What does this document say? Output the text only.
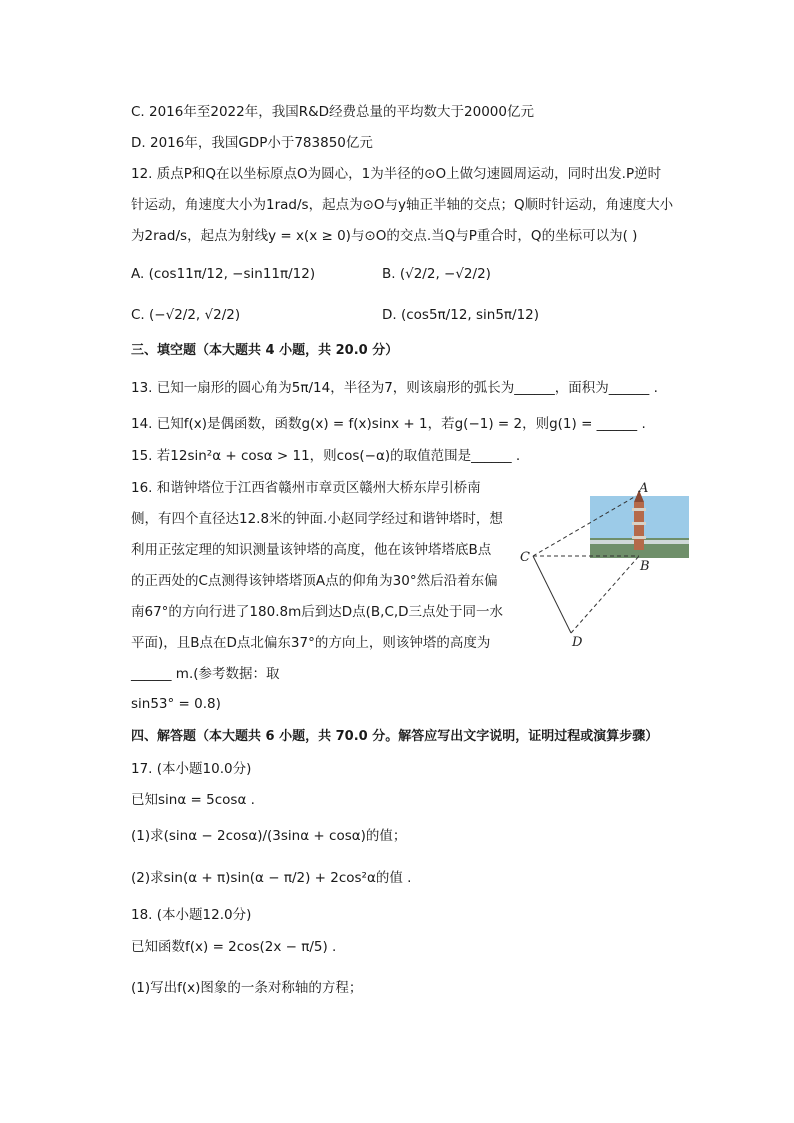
C. 2016年至2022年，我国R&D经费总量的平均数大于20000亿元
D. 2016年，我国GDP小于783850亿元
12. 质点P和Q在以坐标原点O为圆心，1为半径的⊙O上做匀速圆周运动，同时出发.P逆时
针运动，角速度大小为1rad/s，起点为⊙O与y轴正半轴的交点；Q顺时针运动，角速度大小
为2rad/s，起点为射线y = x(x ≥ 0)与⊙O的交点.当Q与P重合时，Q的坐标可以为( )
A. (cos11π/12, −sin11π/12)	B. (√2/2, −√2/2)
C. (−√2/2, √2/2)	D. (cos5π/12, sin5π/12)
三、填空题（本大题共 4 小题，共 20.0 分）
13. 已知一扇形的圆心角为5π/14，半径为7，则该扇形的弧长为______，面积为______ .
14. 已知f(x)是偶函数，函数g(x) = f(x)sinx + 1，若g(−1) = 2，则g(1) = ______ .
15. 若12sin²α + cosα > 11，则cos(−α)的取值范围是______ .
16. 和谐钟塔位于江西省赣州市章贡区赣州大桥东岸引桥南
侧，有四个直径达12.8米的钟面.小赵同学经过和谐钟塔时，想
利用正弦定理的知识测量该钟塔的高度，他在该钟塔塔底B点
的正西处的C点测得该钟塔塔顶A点的仰角为30°然后沿着东偏
南67°的方向行进了180.8m后到达D点(B,C,D三点处于同一水
平面)，且B点在D点北偏东37°的方向上，则该钟塔的高度为
______ m.(参考数据：取
sin53° = 0.8)
四、解答题（本大题共 6 小题，共 70.0 分。解答应写出文字说明，证明过程或演算步骤）
17. (本小题10.0分)
已知sinα = 5cosα .
(1)求(sinα − 2cosα)/(3sinα + cosα)的值；
(2)求sin(α + π)sin(α − π/2) + 2cos²α的值 .
18. (本小题12.0分)
已知函数f(x) = 2cos(2x − π/5) .
(1)写出f(x)图象的一条对称轴的方程；
A
B
C
D
